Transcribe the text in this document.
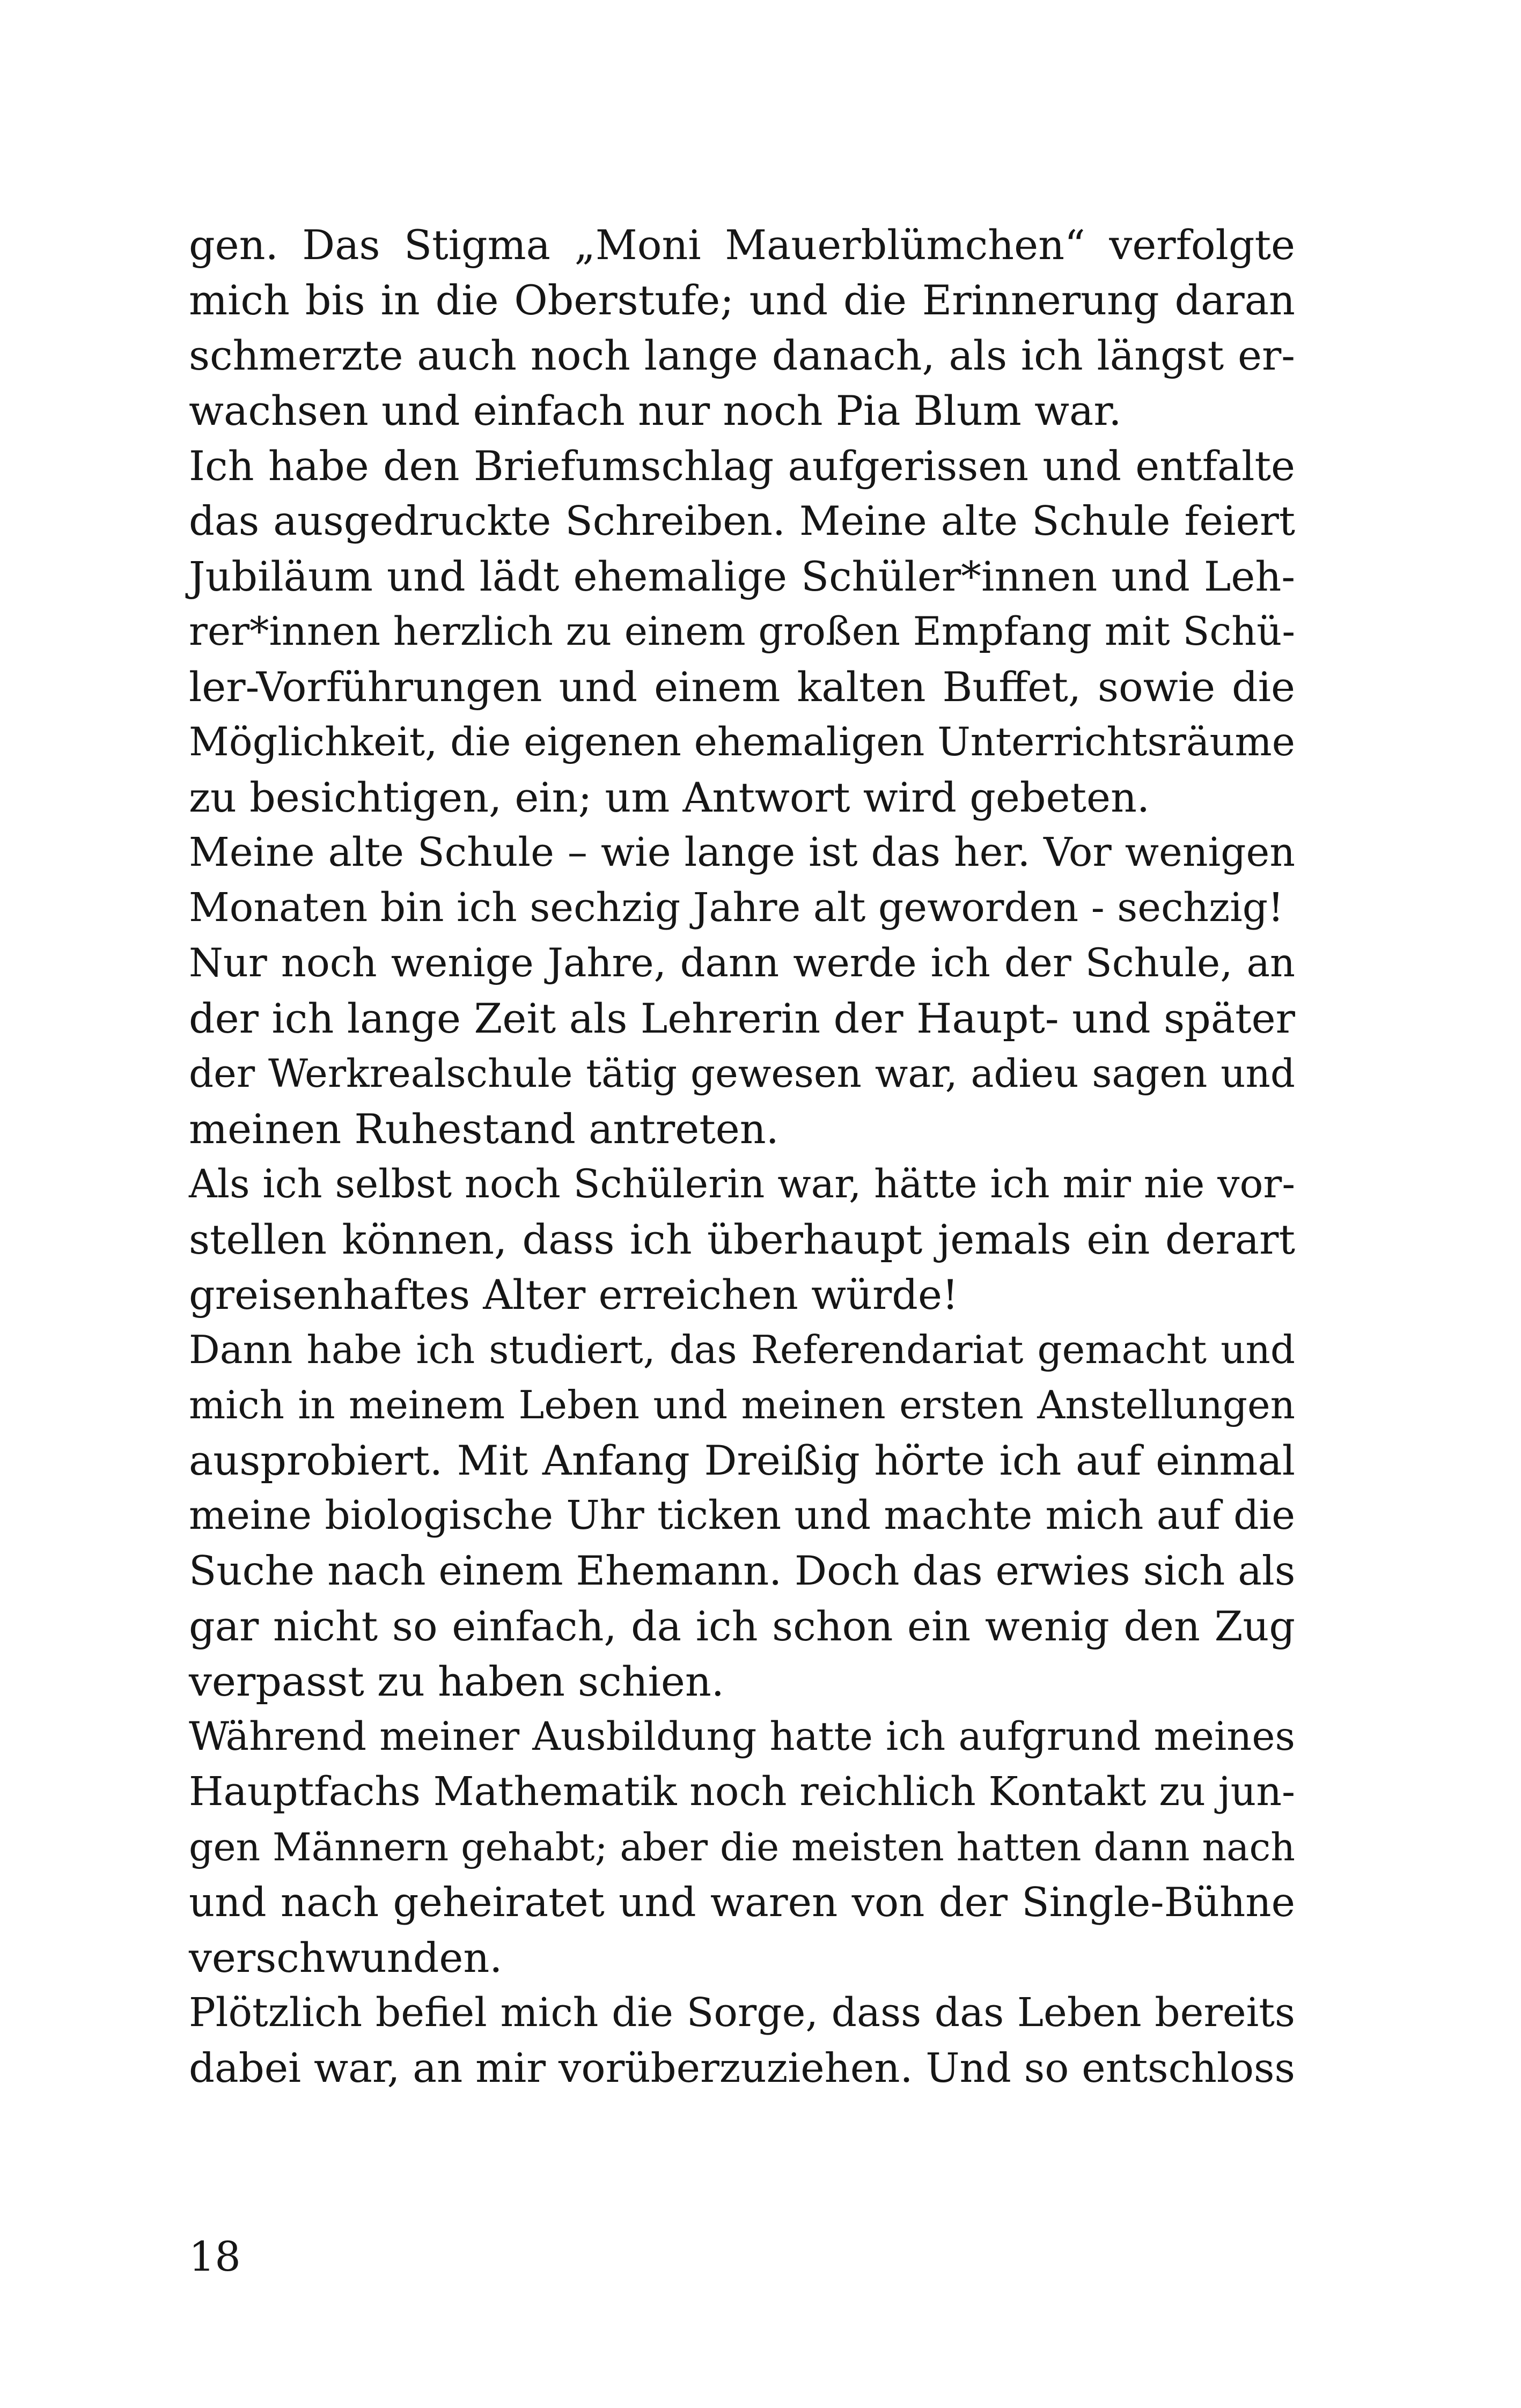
gen. Das Stigma „Moni Mauerblümchen“ verfolgte
mich bis in die Oberstufe; und die Erinnerung daran
schmerzte auch noch lange danach, als ich längst er-
wachsen und einfach nur noch Pia Blum war.
Ich habe den Briefumschlag aufgerissen und entfalte
das ausgedruckte Schreiben. Meine alte Schule feiert
Jubiläum und lädt ehemalige Schüler*innen und Leh-
rer*innen herzlich zu einem großen Empfang mit Schü-
ler-Vorführungen und einem kalten Buffet, sowie die
Möglichkeit, die eigenen ehemaligen Unterrichtsräume
zu besichtigen, ein; um Antwort wird gebeten.
Meine alte Schule – wie lange ist das her. Vor wenigen
Monaten bin ich sechzig Jahre alt geworden - sechzig!
Nur noch wenige Jahre, dann werde ich der Schule, an
der ich lange Zeit als Lehrerin der Haupt- und später
der Werkrealschule tätig gewesen war, adieu sagen und
meinen Ruhestand antreten.
Als ich selbst noch Schülerin war, hätte ich mir nie vor-
stellen können, dass ich überhaupt jemals ein derart
greisenhaftes Alter erreichen würde!
Dann habe ich studiert, das Referendariat gemacht und
mich in meinem Leben und meinen ersten Anstellungen
ausprobiert. Mit Anfang Dreißig hörte ich auf einmal
meine biologische Uhr ticken und machte mich auf die
Suche nach einem Ehemann. Doch das erwies sich als
gar nicht so einfach, da ich schon ein wenig den Zug
verpasst zu haben schien.
Während meiner Ausbildung hatte ich aufgrund meines
Hauptfachs Mathematik noch reichlich Kontakt zu jun-
gen Männern gehabt; aber die meisten hatten dann nach
und nach geheiratet und waren von der Single-Bühne
verschwunden.
Plötzlich befiel mich die Sorge, dass das Leben bereits
dabei war, an mir vorüberzuziehen. Und so entschloss
18
